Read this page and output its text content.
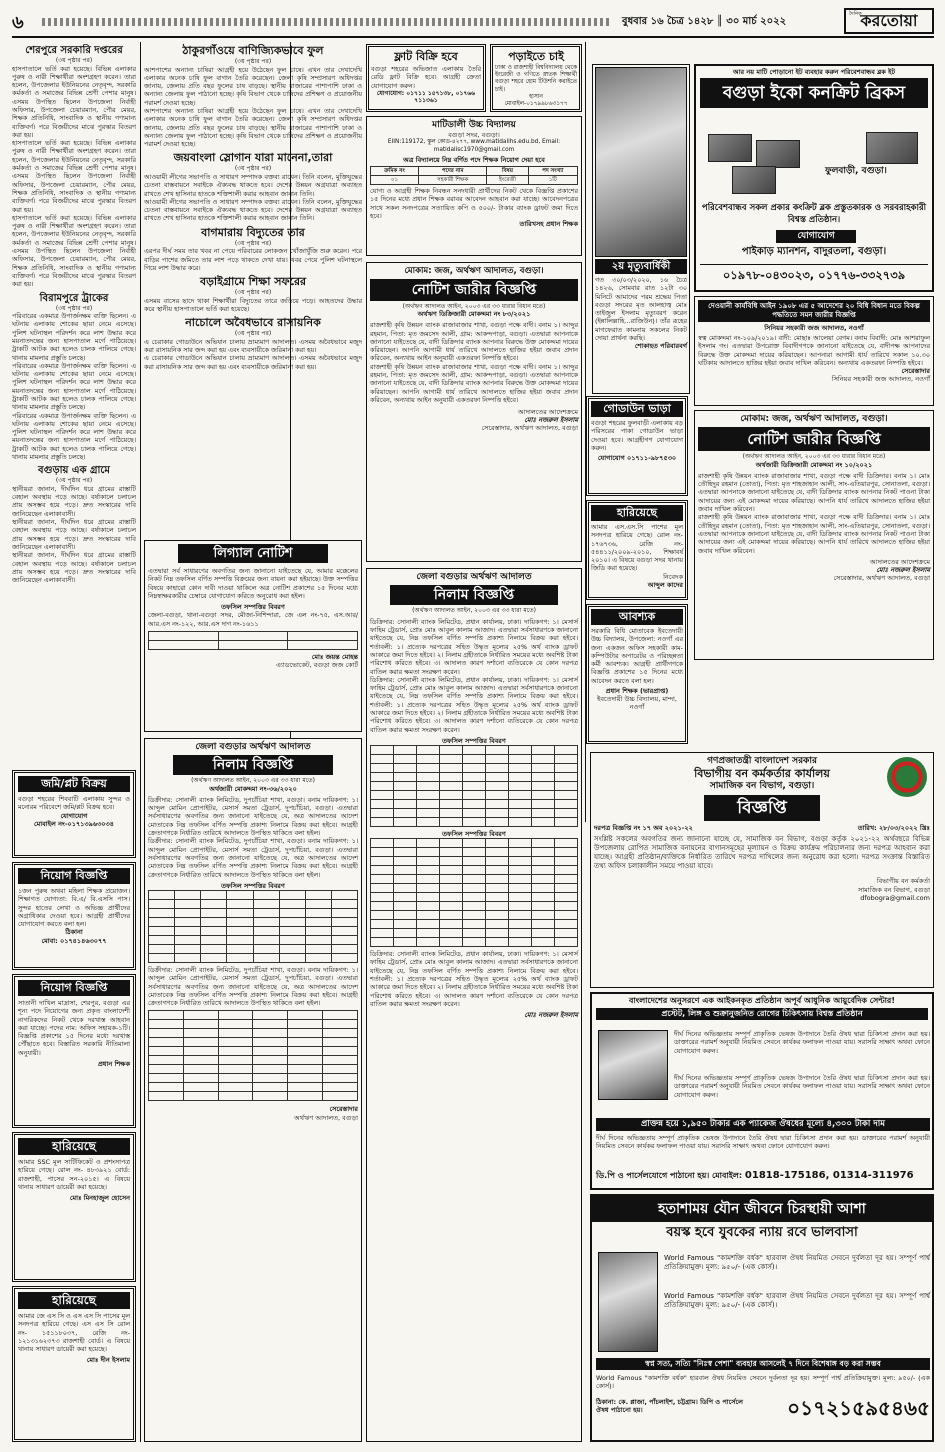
৬	বুধবার ১৬ চৈত্র ১৪২৮ ║ ৩০ মার্চ ২০২২
দৈনিক
করতোয়া
শেরপুরে সরকারি দপ্তরের
(৩য় পৃষ্ঠার পর)
হাসপাতালে ভর্তি করা হয়েছে। বিভিন্ন এলাকার পুরুষ ও নারী শিক্ষার্থীরা অংশগ্রহণ করেন। তারা হলেন, উপজেলার ইউনিয়নের নেতৃবৃন্দ, সরকারি কর্মকর্তা ও সমাজের বিভিন্ন শ্রেণী পেশার মানুষ। এসময় উপস্থিত ছিলেন উপজেলা নির্বাহী অফিসার, উপজেলা চেয়ারম্যান, পৌর মেয়র, শিক্ষক প্রতিনিধি, সাংবাদিক ও স্থানীয় গণ্যমান্য ব্যক্তিবর্গ। পরে বিজয়ীদের মাঝে পুরস্কার বিতরণ করা হয়।
হাসপাতালে ভর্তি করা হয়েছে। বিভিন্ন এলাকার পুরুষ ও নারী শিক্ষার্থীরা অংশগ্রহণ করেন। তারা হলেন, উপজেলার ইউনিয়নের নেতৃবৃন্দ, সরকারি কর্মকর্তা ও সমাজের বিভিন্ন শ্রেণী পেশার মানুষ। এসময় উপস্থিত ছিলেন উপজেলা নির্বাহী অফিসার, উপজেলা চেয়ারম্যান, পৌর মেয়র, শিক্ষক প্রতিনিধি, সাংবাদিক ও স্থানীয় গণ্যমান্য ব্যক্তিবর্গ। পরে বিজয়ীদের মাঝে পুরস্কার বিতরণ করা হয়।
হাসপাতালে ভর্তি করা হয়েছে। বিভিন্ন এলাকার পুরুষ ও নারী শিক্ষার্থীরা অংশগ্রহণ করেন। তারা হলেন, উপজেলার ইউনিয়নের নেতৃবৃন্দ, সরকারি কর্মকর্তা ও সমাজের বিভিন্ন শ্রেণী পেশার মানুষ। এসময় উপস্থিত ছিলেন উপজেলা নির্বাহী অফিসার, উপজেলা চেয়ারম্যান, পৌর মেয়র, শিক্ষক প্রতিনিধি, সাংবাদিক ও স্থানীয় গণ্যমান্য ব্যক্তিবর্গ। পরে বিজয়ীদের মাঝে পুরস্কার বিতরণ করা হয়।
বিরামপুরে ট্রাকের
(৩য় পৃষ্ঠার পর)
পরিবারের একমাত্র উপার্জনক্ষম ব্যক্তি ছিলেন। এ ঘটনায় এলাকায় শোকের ছায়া নেমে এসেছে। পুলিশ ঘটনাস্থল পরিদর্শন করে লাশ উদ্ধার করে ময়নাতদন্তের জন্য হাসপাতাল মর্গে পাঠিয়েছে। ট্রাকটি আটক করা হলেও চালক পালিয়ে গেছে। থানায় মামলার প্রস্তুতি চলছে।
পরিবারের একমাত্র উপার্জনক্ষম ব্যক্তি ছিলেন। এ ঘটনায় এলাকায় শোকের ছায়া নেমে এসেছে। পুলিশ ঘটনাস্থল পরিদর্শন করে লাশ উদ্ধার করে ময়নাতদন্তের জন্য হাসপাতাল মর্গে পাঠিয়েছে। ট্রাকটি আটক করা হলেও চালক পালিয়ে গেছে। থানায় মামলার প্রস্তুতি চলছে।
পরিবারের একমাত্র উপার্জনক্ষম ব্যক্তি ছিলেন। এ ঘটনায় এলাকায় শোকের ছায়া নেমে এসেছে। পুলিশ ঘটনাস্থল পরিদর্শন করে লাশ উদ্ধার করে ময়নাতদন্তের জন্য হাসপাতাল মর্গে পাঠিয়েছে। ট্রাকটি আটক করা হলেও চালক পালিয়ে গেছে। থানায় মামলার প্রস্তুতি চলছে।
বগুড়ায় এক গ্রামে
(৩য় পৃষ্ঠার পর)
স্থানীয়রা জানান, দীর্ঘদিন ধরে গ্রামের রাস্তাটি বেহাল অবস্থায় পড়ে আছে। বর্ষাকালে চলাচল প্রায় অসম্ভব হয়ে পড়ে। দ্রুত সংস্কারের দাবি জানিয়েছেন এলাকাবাসী।
স্থানীয়রা জানান, দীর্ঘদিন ধরে গ্রামের রাস্তাটি বেহাল অবস্থায় পড়ে আছে। বর্ষাকালে চলাচল প্রায় অসম্ভব হয়ে পড়ে। দ্রুত সংস্কারের দাবি জানিয়েছেন এলাকাবাসী।
স্থানীয়রা জানান, দীর্ঘদিন ধরে গ্রামের রাস্তাটি বেহাল অবস্থায় পড়ে আছে। বর্ষাকালে চলাচল প্রায় অসম্ভব হয়ে পড়ে। দ্রুত সংস্কারের দাবি জানিয়েছেন এলাকাবাসী।
জমি/প্লট বিক্রয়
বগুড়া শহরের শিববাটি এলাকায় সুন্দর ও মনোরম পরিবেশে জমি/প্লট বিক্রয় হবে।
যোগাযোগ
মোবাইল নং-০১৭১৩৯৬৩০৩৪
নিয়োগ বিজ্ঞপ্তি
১জন পুরুষ অথবা মহিলা শিক্ষক প্রয়োজন। শিক্ষাগত যোগ্যতা: বি.এ/ বি.এসসি পাস। সুন্দর হাতের লেখা ও অভিজ্ঞ প্রার্থীদের অগ্রাধিকার দেওয়া হবে। আগ্রহী প্রার্থীদের যোগাযোগ করতে বলা হল।
ঠিকানা
মোবা: ০১৭৪১৪৬৩০৭৭
নিয়োগ বিজ্ঞপ্তি
সাতানী দাখিল মাদ্রাসা, শেরপুর, বগুড়া এর শূন্য পদে নিয়োগের জন্য প্রকৃত বাংলাদেশী নাগরিকদের নিকট থেকে দরখাস্ত আহবান করা যাচ্ছে। পদের নাম: অফিস সহায়ক-১টি। বিজ্ঞপ্তি প্রকাশের ১৫ দিনের মধ্যে দরখাস্ত পৌঁছাতে হবে। বিস্তারিত সরকারি নীতিমালা অনুযায়ী।
প্রধান শিক্ষক
হারিয়েছে
আমার SSC মূল সার্টিফিকেট ও প্রশংসাপত্র হারিয়ে গেছে। রোল নং- ৪৮৩৯২১ বোর্ড: রাজশাহী, পাসের সন-২০১৫। এ বিষয়ে থানায় সাধারণ ডায়েরী করা হয়েছে।
মোঃ মিনহাজুল হোসেন
হারিয়েছে
আমার জে এস সি ও এস এস সি পাসের মূল সনদপত্র হারিয়ে গেছে। এস এস সি রোল নং- ১৫১১৮০৩৭, রেজি নং- ১২১৩১৬২৩৭৩ রাজশাহী বোর্ড। এ বিষয়ে থানায় সাধারণ ডায়েরী করা হয়েছে।
মোঃ দীন ইসলাম
ঠাকুরগাঁওয়ে বাণিজ্যিকভাবে ফুল
(৩য় পৃষ্ঠার পর)
আশপাশের অন্যান্য চাষিরা আগ্রহী হয়ে উঠেছেন ফুল চাষে। এখন তার দেখাদেখি এলাকার অনেক চাষি ফুল বাগান তৈরি করেছেন। জেলা কৃষি সম্প্রসারণ অধিদপ্তর জানায়, জেলায় প্রতি বছর ফুলের চাষ বাড়ছে। স্থানীয় বাজারের পাশাপাশি ঢাকা ও অন্যান্য জেলায় ফুল পাঠানো হচ্ছে। কৃষি বিভাগ থেকে চাষিদের প্রশিক্ষণ ও প্রয়োজনীয় পরামর্শ দেওয়া হচ্ছে।
আশপাশের অন্যান্য চাষিরা আগ্রহী হয়ে উঠেছেন ফুল চাষে। এখন তার দেখাদেখি এলাকার অনেক চাষি ফুল বাগান তৈরি করেছেন। জেলা কৃষি সম্প্রসারণ অধিদপ্তর জানায়, জেলায় প্রতি বছর ফুলের চাষ বাড়ছে। স্থানীয় বাজারের পাশাপাশি ঢাকা ও অন্যান্য জেলায় ফুল পাঠানো হচ্ছে। কৃষি বিভাগ থেকে চাষিদের প্রশিক্ষণ ও প্রয়োজনীয় পরামর্শ দেওয়া হচ্ছে।
জয়বাংলা স্লোগান যারা মানেনা,তারা
(৩য় পৃষ্ঠার পর)
আওয়ামী লীগের সভাপতি ও সাধারণ সম্পাদক বক্তব্য রাখেন। তিনি বলেন, মুক্তিযুদ্ধের চেতনা বাস্তবায়নে সবাইকে ঐক্যবদ্ধ থাকতে হবে। দেশের উন্নয়ন অগ্রযাত্রা অব্যাহত রাখতে শেখ হাসিনার হাতকে শক্তিশালী করার আহবান জানান তিনি।
আওয়ামী লীগের সভাপতি ও সাধারণ সম্পাদক বক্তব্য রাখেন। তিনি বলেন, মুক্তিযুদ্ধের চেতনা বাস্তবায়নে সবাইকে ঐক্যবদ্ধ থাকতে হবে। দেশের উন্নয়ন অগ্রযাত্রা অব্যাহত রাখতে শেখ হাসিনার হাতকে শক্তিশালী করার আহবান জানান তিনি।
বাগমারায় বিদ্যুতের তার
(৩য় পৃষ্ঠার পর)
এরপর দীর্ঘ সময় তার খবর না পেয়ে পরিবারের লোকজন খোঁজাখুঁজি শুরু করেন। পরে বাড়ির পাশের জমিতে তার লাশ পড়ে থাকতে দেখা যায়। খবর পেয়ে পুলিশ ঘটনাস্থলে গিয়ে লাশ উদ্ধার করে।
বড়াইগ্রামে শিক্ষা সফরের
(৩য় পৃষ্ঠার পর)
এসময় বাসের ছাদে থাকা শিক্ষার্থীরা বিদ্যুতের তারে জড়িয়ে পড়ে। আহতদের উদ্ধার করে স্থানীয় হাসপাতালে ভর্তি করা হয়েছে।
নাচোলে অবৈধভাবে রাসায়নিক
(৩য় পৃষ্ঠার পর)
এ চেরাকার গোডাউনে অভিযান চালায় ভ্রাম্যমাণ আদালত। এসময় অবৈধভাবে মজুদ করা রাসায়নিক সার জব্দ করা হয় এবং ব্যবসায়ীকে জরিমানা করা হয়।
এ চেরাকার গোডাউনে অভিযান চালায় ভ্রাম্যমাণ আদালত। এসময় অবৈধভাবে মজুদ করা রাসায়নিক সার জব্দ করা হয় এবং ব্যবসায়ীকে জরিমানা করা হয়।
লিগ্যাল নোটিশ
এতদ্বারা সর্ব সাধারণের অবগতির জন্য জানানো যাইতেছে যে, আমার মক্কেলের নিকট নিম্ন তফসিল বর্ণিত সম্পত্তি বিক্রয়ের জন্য বায়না করা হইয়াছে। উক্ত সম্পত্তির বিষয়ে কাহারো কোন দাবী দাওয়া থাকিলে অত্র নোটিশ প্রকাশের ১৫ দিনের মধ্যে নিম্নস্বাক্ষরকারীর চেম্বারে যোগাযোগ করিতে অনুরোধ করা হইল।
তফসিল সম্পত্তির বিবরণ
জেলা-বগুড়া, থানা-বগুড়া সদর, মৌজা-নিশিন্দারা, জে এল নং-৭৫, এস.আর/আর.এস নং-১২২, আর.এস দাগ নং-১৬১১

মোঃ জয়ন্ত মোহন্ত
এ্যাডভোকেট, বগুড়া জজ কোর্ট
জেলা বগুড়ার অর্থঋণ আদালত
নিলাম বিজ্ঞপ্তি
(অর্থঋণ আদালত আইন, ২০০৩ এর ৩৩ ধারা মতে)
অর্থজারী মোকদ্দমা নং-৩৬/২০২০
ডিক্রীদার: সোনালী ব্যাংক লিমিটেড, দুপচাঁচিয়া শাখা, বগুড়া। বনাম দায়িকগণ: ১। আব্দুল মোমিন প্রোপাইটর, মেসার্স সমতা ট্রেডার্স, দুপচাঁচিয়া, বগুড়া। এতদ্বারা সর্বসাধারণের অবগতির জন্য জানানো যাইতেছে যে, অত্র আদালতের আদেশ মোতাবেক নিম্ন তফসিল বর্ণিত সম্পত্তি প্রকাশ্য নিলামে বিক্রয় করা হইবে। আগ্রহী ক্রেতাগণকে নির্ধারিত তারিখে আদালতে উপস্থিত থাকিতে বলা হইল।
ডিক্রীদার: সোনালী ব্যাংক লিমিটেড, দুপচাঁচিয়া শাখা, বগুড়া। বনাম দায়িকগণ: ১। আব্দুল মোমিন প্রোপাইটর, মেসার্স সমতা ট্রেডার্স, দুপচাঁচিয়া, বগুড়া। এতদ্বারা সর্বসাধারণের অবগতির জন্য জানানো যাইতেছে যে, অত্র আদালতের আদেশ মোতাবেক নিম্ন তফসিল বর্ণিত সম্পত্তি প্রকাশ্য নিলামে বিক্রয় করা হইবে। আগ্রহী ক্রেতাগণকে নির্ধারিত তারিখে আদালতে উপস্থিত থাকিতে বলা হইল।
তফসিল সম্পত্তির বিবরণ

ডিক্রীদার: সোনালী ব্যাংক লিমিটেড, দুপচাঁচিয়া শাখা, বগুড়া। বনাম দায়িকগণ: ১। আব্দুল মোমিন প্রোপাইটর, মেসার্স সমতা ট্রেডার্স, দুপচাঁচিয়া, বগুড়া। এতদ্বারা সর্বসাধারণের অবগতির জন্য জানানো যাইতেছে যে, অত্র আদালতের আদেশ মোতাবেক নিম্ন তফসিল বর্ণিত সম্পত্তি প্রকাশ্য নিলামে বিক্রয় করা হইবে। আগ্রহী ক্রেতাগণকে নির্ধারিত তারিখে আদালতে উপস্থিত থাকিতে বলা হইল।

সেরেস্তাদার
অর্থঋণ আদালত, বগুড়া
ফ্লাট বিক্রি হবে
বগুড়া শহরের অভিজাত এলাকায় তৈরি রেডি ফ্লাট বিক্রি হবে। আগ্রহী ক্রেতা যোগাযোগ করুন।
যোগাযোগ: ০১৭১১ ১৫৭১৩৮, ০১৭৬৬ ৭১১৩৬১
মাটিডালী উচ্চ বিদ্যালয়
বগুড়া সদর, বগুড়া।
EIIN:119172, স্কুল কোড-৪২৭৭, www.matidalihs.edu.bd, Email: matidalisc1970@gmail.com
অত্র বিদ্যালয়ে নিম্ন বর্ণিত পদে শিক্ষক নিয়োগ দেয়া হবে
ক্রমিক নং	পদের নাম	বিষয়	পদ সংখ্যা
০১	সহকারী শিক্ষক	ইংরেজী	১টি
যোগ্য ও আগ্রহী শিক্ষক নিবন্ধন সনদধারী প্রার্থীদের নিকট থেকে বিজ্ঞপ্তি প্রকাশের ১৫ দিনের মধ্যে প্রধান শিক্ষক বরাবর আবেদন আহবান করা যাচ্ছে। আবেদনপত্রের সাথে সকল সনদপত্রের সত্যায়িত কপি ও ৫০০/- টাকার ব্যাংক ড্রাফট জমা দিতে হবে।
তারিখসহ প্রধান শিক্ষক
মোকাম: জজ, অর্থঋণ আদালত, বগুড়া।
নোটিশ জারীর বিজ্ঞপ্তি
(অর্থঋণ আদালত আইন, ২০০৩ এর ৩৩ ধারার বিধান মতে)
অর্থঋণ ডিক্রিজারী মোকদ্দমা নং ৮৩/২০২১
রাজশাহী কৃষি উন্নয়ন ব্যাংক রাজাবাজার শাখা, বগুড়া পক্ষে বাদী। বনাম ১। আব্দুর রহমান, পিতা: মৃত জমসেদ আলী, গ্রাম: আকন্দপাড়া, বগুড়া। এতদ্বারা আপনাকে জানানো যাইতেছে যে, বাদী ডিক্রিদার ব্যাংক আপনার বিরুদ্ধে উক্ত মোকদ্দমা দায়ের করিয়াছেন। আপনি আগামী ধার্য তারিখে আদালতে হাজির হইয়া জবাব প্রদান করিবেন, অন্যথায় আইন অনুযায়ী একতরফা নিষ্পত্তি হইবে।
রাজশাহী কৃষি উন্নয়ন ব্যাংক রাজাবাজার শাখা, বগুড়া পক্ষে বাদী। বনাম ১। আব্দুর রহমান, পিতা: মৃত জমসেদ আলী, গ্রাম: আকন্দপাড়া, বগুড়া। এতদ্বারা আপনাকে জানানো যাইতেছে যে, বাদী ডিক্রিদার ব্যাংক আপনার বিরুদ্ধে উক্ত মোকদ্দমা দায়ের করিয়াছেন। আপনি আগামী ধার্য তারিখে আদালতে হাজির হইয়া জবাব প্রদান করিবেন, অন্যথায় আইন অনুযায়ী একতরফা নিষ্পত্তি হইবে।
আদালতের আদেশক্রমে
মোঃ নজরুল ইসলাম
সেরেস্তাদার, অর্থঋণ আদালত, বগুড়া
জেলা বগুড়ার অর্থঋণ আদালত
নিলাম বিজ্ঞপ্তি
(অর্থঋণ আদালত আইন, ২০০৩ এর ৩৩ ধারা মতে)
ডিক্রিদার: সোনালী ব্যাংক লিমিটেড, প্রধান কার্যালয়, ঢাকা। দায়িকগণ: ১। মেসার্স ফাহিম ট্রেডার্স, প্রোঃ মোঃ আবুল কালাম আজাদ। এতদ্বারা সর্বসাধারণকে জানানো যাইতেছে যে, নিম্ন তফসিল বর্ণিত সম্পত্তি প্রকাশ্য নিলামে বিক্রয় করা হইবে। শর্তাবলী: ১। প্রত্যেক দরপত্রের সহিত উদ্ধৃত মূল্যের ২৫% অর্থ ব্যাংক ড্রাফট আকারে জমা দিতে হইবে। ২। নিলাম গ্রহীতাকে নির্ধারিত সময়ের মধ্যে অবশিষ্ট টাকা পরিশোধ করিতে হইবে। ৩। আদালত কারণ দর্শানো ব্যতিরেকে যে কোন দরপত্র বাতিল করার ক্ষমতা সংরক্ষণ করেন।
ডিক্রিদার: সোনালী ব্যাংক লিমিটেড, প্রধান কার্যালয়, ঢাকা। দায়িকগণ: ১। মেসার্স ফাহিম ট্রেডার্স, প্রোঃ মোঃ আবুল কালাম আজাদ। এতদ্বারা সর্বসাধারণকে জানানো যাইতেছে যে, নিম্ন তফসিল বর্ণিত সম্পত্তি প্রকাশ্য নিলামে বিক্রয় করা হইবে। শর্তাবলী: ১। প্রত্যেক দরপত্রের সহিত উদ্ধৃত মূল্যের ২৫% অর্থ ব্যাংক ড্রাফট আকারে জমা দিতে হইবে। ২। নিলাম গ্রহীতাকে নির্ধারিত সময়ের মধ্যে অবশিষ্ট টাকা পরিশোধ করিতে হইবে। ৩। আদালত কারণ দর্শানো ব্যতিরেকে যে কোন দরপত্র বাতিল করার ক্ষমতা সংরক্ষণ করেন।
তফসিল সম্পত্তির বিবরণ

তফসিল সম্পত্তির বিবরণ

ডিক্রিদার: সোনালী ব্যাংক লিমিটেড, প্রধান কার্যালয়, ঢাকা। দায়িকগণ: ১। মেসার্স ফাহিম ট্রেডার্স, প্রোঃ মোঃ আবুল কালাম আজাদ। এতদ্বারা সর্বসাধারণকে জানানো যাইতেছে যে, নিম্ন তফসিল বর্ণিত সম্পত্তি প্রকাশ্য নিলামে বিক্রয় করা হইবে। শর্তাবলী: ১। প্রত্যেক দরপত্রের সহিত উদ্ধৃত মূল্যের ২৫% অর্থ ব্যাংক ড্রাফট আকারে জমা দিতে হইবে। ২। নিলাম গ্রহীতাকে নির্ধারিত সময়ের মধ্যে অবশিষ্ট টাকা পরিশোধ করিতে হইবে। ৩। আদালত কারণ দর্শানো ব্যতিরেকে যে কোন দরপত্র বাতিল করার ক্ষমতা সংরক্ষণ করেন।
মোঃ নজরুল ইসলাম
পড়াইতে চাই
ঢাকা ও রাজশাহী বিশ্ববিদ্যালয় থেকে ইংরেজী ও গণিতে স্নাতক শিক্ষার্থী বগুড়া শহরে হোম টিউশনি করাইতে চাই।
হাসান
মোবাইল-০১৭৯৯৮৬৩১৭৭
গোডাউন ভাড়া
বগুড়া শহরের ফুলবাড়ী এলাকায় বড় পরিসরের পাকা গোডাউন ভাড়া দেওয়া হবে। আগ্রহীগণ যোগাযোগ করুন।
যোগাযোগ ০১৭১১-৯৮৭৫৩০
হারিয়েছে
আমার এস.এস.সি পাশের মূল সনদপত্র হারিয়ে গেছে। রোল নং- ১৭৬৭৩৬, রেজি নং- ৫৪৪১১/২০০৯-২০১০, শিক্ষাবর্ষ ২০১০। এ বিষয়ে বগুড়া সদর থানায় জিডি করা হয়েছে।
নিবেদক
আব্দুল কাদের
আবশ্যক
সরকারি বিধি মোতাবেক ইবতেদায়ী উচ্চ বিদ্যালয়, উপজেলা: নওগাঁ এর জন্য একজন অফিস সহকারী কাম-কম্পিউটার অপারেটর ও পরিচ্ছন্নতা কর্মী আবশ্যক। আগ্রহী প্রার্থীগণকে বিজ্ঞপ্তি প্রকাশের ১৫ দিনের মধ্যে আবেদন করতে বলা হল।
প্রধান শিক্ষক (ভারপ্রাপ্ত)
ইবতেদায়ী উচ্চ বিদ্যালয়, মান্দা, নওগাঁ
২য় মৃত্যুবার্ষিকী
গত ৩০/০৩/২০২০, ১৬ চৈত্র ১৪২৬, সোমবার রাত ১২টা ৩০ মিনিটে আমাদের পরম শ্রদ্ধেয় পিতা বগুড়া সদরের মৃত আলহাজ্ব মোঃ তাইজুল ইসলাম মৃত্যুবরণ করেন (ইন্নালিল্লাহি...রাজিউন)। তাঁর রূহের মাগফেরাত কামনায় সকলের নিকট দোয়া প্রার্থনা করছি।
শোকাহত পরিবারবর্গ
আর নয় মাটি পোড়ানো ইট ব্যবহার করুন পরিবেশবান্ধব ব্লক ইট
বগুড়া ইকো কনক্রিট ব্রিকস
ফুলবাড়ী, বগুড়া।
পরিবেশবান্ধব সকল প্রকার কংক্রিট ব্লক প্রস্তুতকারক ও সরবরাহকারী বিশ্বস্ত প্রতিষ্ঠান।
যোগাযোগ
পাইকাড় ম্যানশন, বাদুরতলা, বগুড়া।
০১৯৭৮-০৪৩০২৩, ০১৭৭৬-৩৩২৭৩৯
দেওয়ানী কার্যবিধি আইন ১৯০৮ এর ৫ আদেশের ২০ বিধি বিধান মতে বিকল্প পদ্ধতিতে সমন জারীর বিজ্ঞপ্তি
সিনিয়র সহকারী জজ আদালত, নওগাঁ
স্বত্ব মোকদ্দমা নং-১০৯/২০১৯। বাদী: মোছাঃ আলেয়া বেগম। বনাম বিবাদী: মোঃ আশরাফুল ইসলাম গং। এতদ্বারা উপরোক্ত বিবাদীগণকে জানানো যাইতেছে যে, বাদীপক্ষ আপনাদের বিরুদ্ধে উক্ত মোকদ্দমা দায়ের করিয়াছেন। আপনারা আগামী ধার্য তারিখে সকাল ১০.৩০ ঘটিকায় আদালতে হাজির হইয়া জবাব দাখিল করিবেন। অন্যথায় একতরফা নিষ্পত্তি হইবে।
সেরেস্তাদার
সিনিয়র সহকারী জজ আদালত, নওগাঁ
মোকাম: জজ, অর্থঋণ আদালত, বগুড়া।
নোটিশ জারীর বিজ্ঞপ্তি
(অর্থঋণ আদালত আইন, ২০০৩ এর ৩৩ ধারার বিধান মতে)
অর্থজারী ডিক্রিজারী মোকদ্দমা নং ১০/২০২১
রাজশাহী কৃষি উন্নয়ন ব্যাংক রাজাবাজার শাখা, বগুড়া পক্ষে বাদী ডিক্রিদার। বনাম ১। মোঃ তৌহিদুর রহমান (তোতা), পিতা: মৃত শাহজাহান আলী, সাং-এতিয়ারপুর, সোনাতলা, বগুড়া। এতদ্বারা আপনাকে জানানো যাইতেছে যে, বাদী ডিক্রিদার ব্যাংক আপনার নিকট পাওনা টাকা আদায়ের জন্য এই মোকদ্দমা দায়ের করিয়াছে। আপনি ধার্য তারিখে আদালতে হাজির হইয়া জবাব দাখিল করিবেন।
রাজশাহী কৃষি উন্নয়ন ব্যাংক রাজাবাজার শাখা, বগুড়া পক্ষে বাদী ডিক্রিদার। বনাম ১। মোঃ তৌহিদুর রহমান (তোতা), পিতা: মৃত শাহজাহান আলী, সাং-এতিয়ারপুর, সোনাতলা, বগুড়া। এতদ্বারা আপনাকে জানানো যাইতেছে যে, বাদী ডিক্রিদার ব্যাংক আপনার নিকট পাওনা টাকা আদায়ের জন্য এই মোকদ্দমা দায়ের করিয়াছে। আপনি ধার্য তারিখে আদালতে হাজির হইয়া জবাব দাখিল করিবেন।
আদালতের আদেশক্রমে
মোঃ নজরুল ইসলাম
সেরেস্তাদার, অর্থঋণ আদালত, বগুড়া
গণপ্রজাতন্ত্রী বাংলাদেশ সরকার
বিভাগীয় বন কর্মকর্তার কার্যালয়
সামাজিক বন বিভাগ, বগুড়া।
বিজ্ঞপ্তি
দরপত্র বিজ্ঞপ্তি নং ১৭ অব ২০২১-২২	তারিখ: ২৮/০৩/২০২২ খ্রিঃ
সংশ্লিষ্ট সকলের অবগতির জন্য জানানো যাচ্ছে যে, সামাজিক বন বিভাগ, বগুড়া কর্তৃক ২০২১-২২ অর্থবছরে বিভিন্ন উপজেলায় রোপিত সামাজিক বনায়নের বাগানসমূহের মূল্যায়ন ও বিক্রয় কার্যক্রম পরিচালনার জন্য দরপত্র আহবান করা যাচ্ছে। আগ্রহী প্রতিষ্ঠান/ব্যক্তিকে নির্ধারিত তারিখে দরপত্র দাখিলের জন্য অনুরোধ করা হলো। দরপত্র সংক্রান্ত বিস্তারিত তথ্য অফিস চলাকালীন সময়ে পাওয়া যাবে।
বিভাগীয় বন কর্মকর্তা
সামাজিক বন বিভাগ, বগুড়া
dfobogra@gmail.com
বাংলাদেশের অনুসরণে এক আইকনকৃত প্রতিষ্ঠান অপূর্ব আধুনিক আয়ুর্বেদিক সেন্টার!
প্রস্টেট, লিঙ্গ ও শুক্রানুজনিত রোগের চিকিৎসায় বিশ্বস্ত প্রতিষ্ঠান
দীর্ঘ দিনের অভিজ্ঞতায় সম্পূর্ণ প্রাকৃতিক ভেষজ উপাদানে তৈরি ঔষধ দ্বারা চিকিৎসা প্রদান করা হয়। ডাক্তারের পরামর্শ অনুযায়ী নিয়মিত সেবনে কার্যকর ফলাফল পাওয়া যায়। সরাসরি সাক্ষাৎ অথবা ফোনে যোগাযোগ করুন।
দীর্ঘ দিনের অভিজ্ঞতায় সম্পূর্ণ প্রাকৃতিক ভেষজ উপাদানে তৈরি ঔষধ দ্বারা চিকিৎসা প্রদান করা হয়। ডাক্তারের পরামর্শ অনুযায়ী নিয়মিত সেবনে কার্যকর ফলাফল পাওয়া যায়। সরাসরি সাক্ষাৎ অথবা ফোনে যোগাযোগ করুন।
প্রাক্তন্ন হয়ে ১,৯৫০ টাকার এক প্যাকেজ ঔষধের মূল্যে ৪,৩০০ টাকা দাম
দীর্ঘ দিনের অভিজ্ঞতায় সম্পূর্ণ প্রাকৃতিক ভেষজ উপাদানে তৈরি ঔষধ দ্বারা চিকিৎসা প্রদান করা হয়। ডাক্তারের পরামর্শ অনুযায়ী নিয়মিত সেবনে কার্যকর ফলাফল পাওয়া যায়। সরাসরি সাক্ষাৎ অথবা ফোনে যোগাযোগ করুন।
ডি.পি ও পার্সেলযোগে পাঠানো হয়। মোবাইল: 01818-175186, 01314-311976
হতাশাময় যৌন জীবনে চিরস্থায়ী আশা
বয়স্ক হবে যুবকের ন্যায় রবে ভালবাসা
World Famous "কামশক্তি বর্ধক" হারবাল ঔষধ নিয়মিত সেবনে দুর্বলতা দূর হয়। সম্পূর্ণ পার্শ্ব প্রতিক্রিয়ামুক্ত। মূল্য: ৯৫০/- (এক কোর্স)।
World Famous "কামশক্তি বর্ধক" হারবাল ঔষধ নিয়মিত সেবনে দুর্বলতা দূর হয়। সম্পূর্ণ পার্শ্ব প্রতিক্রিয়ামুক্ত। মূল্য: ৯৫০/- (এক কোর্স)।
স্বপ্ন সত্য, সত্যি "নিঃস্ব পেশা" ব্যবহার আসলেই ৭ দিনে বিশেষাঙ্গ বড় করা সম্ভব
World Famous "কামশক্তি বর্ধক" হারবাল ঔষধ নিয়মিত সেবনে দুর্বলতা দূর হয়। সম্পূর্ণ পার্শ্ব প্রতিক্রিয়ামুক্ত। মূল্য: ৯৫০/- (এক কোর্স)।
ঠিকানা: কে. প্লাজা, পাঁচলাইশ, চট্টগ্রাম। ডিপি ও পার্সেলে ঔষধ পাঠানো হয়।	০১৭২১৫৯৫৪৬৫
